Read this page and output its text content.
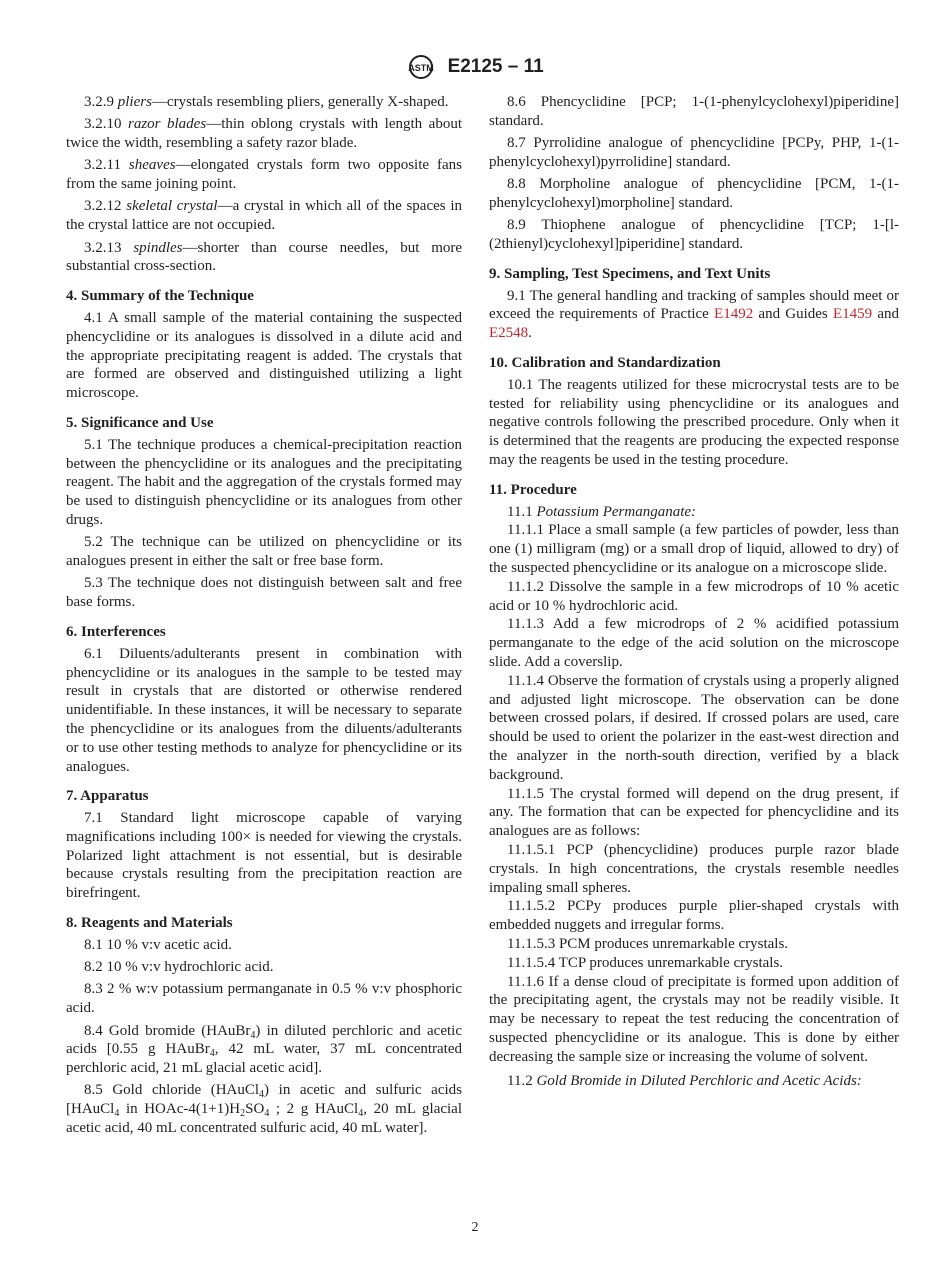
ASTM E2125 – 11

3.2.9 pliers—crystals resembling pliers, generally X-shaped.

3.2.10 razor blades—thin oblong crystals with length about twice the width, resembling a safety razor blade.

3.2.11 sheaves—elongated crystals form two opposite fans from the same joining point.

3.2.12 skeletal crystal—a crystal in which all of the spaces in the crystal lattice are not occupied.

3.2.13 spindles—shorter than course needles, but more substantial cross-section.

4. Summary of the Technique

4.1 A small sample of the material containing the suspected phencyclidine or its analogues is dissolved in a dilute acid and the appropriate precipitating reagent is added. The crystals that are formed are observed and distinguished utilizing a light microscope.

5. Significance and Use

5.1 The technique produces a chemical-precipitation reaction between the phencyclidine or its analogues and the precipitating reagent. The habit and the aggregation of the crystals formed may be used to distinguish phencyclidine or its analogues from other drugs.

5.2 The technique can be utilized on phencyclidine or its analogues present in either the salt or free base form.

5.3 The technique does not distinguish between salt and free base forms.

6. Interferences

6.1 Diluents/adulterants present in combination with phencyclidine or its analogues in the sample to be tested may result in crystals that are distorted or otherwise rendered unidentifiable. In these instances, it will be necessary to separate the phencyclidine or its analogues from the diluents/adulterants or to use other testing methods to analyze for phencyclidine or its analogues.

7. Apparatus

7.1 Standard light microscope capable of varying magnifications including 100× is needed for viewing the crystals. Polarized light attachment is not essential, but is desirable because crystals resulting from the precipitation reaction are birefringent.

8. Reagents and Materials

8.1 10 % v:v acetic acid.

8.2 10 % v:v hydrochloric acid.

8.3 2 % w:v potassium permanganate in 0.5 % v:v phosphoric acid.

8.4 Gold bromide (HAuBr$_4$) in diluted perchloric and acetic acids [0.55 g HAuBr$_4$, 42 mL water, 37 mL concentrated perchloric acid, 21 mL glacial acetic acid].

8.5 Gold chloride (HAuCl$_4$) in acetic and sulfuric acids [HAuCl$_4$ in HOAc-$4(1+1)H_2SO_4$ ; 2 g HAuCl$_4$, 20 mL glacial acetic acid, 40 mL concentrated sulfuric acid, 40 mL water].

8.6 Phencyclidine [PCP; 1-(1-phenylcyclohexyl)piperidine] standard.

8.7 Pyrrolidine analogue of phencyclidine [PCPy, PHP, 1-(1-phenylcyclohexyl)pyrrolidine] standard.

8.8 Morpholine analogue of phencyclidine [PCM, 1-(1-phenylcyclohexyl)morpholine] standard.

8.9 Thiophene analogue of phencyclidine [TCP; 1-[l-(2thienyl)cyclohexyl]piperidine] standard.

9. Sampling, Test Specimens, and Text Units

9.1 The general handling and tracking of samples should meet or exceed the requirements of Practice E1492 and Guides E1459 and E2548.

10. Calibration and Standardization

10.1 The reagents utilized for these microcrystal tests are to be tested for reliability using phencyclidine or its analogues and negative controls following the prescribed procedure. Only when it is determined that the reagents are producing the expected response may the reagents be used in the testing procedure.

11. Procedure

11.1 Potassium Permanganate:

11.1.1 Place a small sample (a few particles of powder, less than one (1) milligram (mg) or a small drop of liquid, allowed to dry) of the suspected phencyclidine or its analogue on a microscope slide.

11.1.2 Dissolve the sample in a few microdrops of 10 % acetic acid or 10 % hydrochloric acid.

11.1.3 Add a few microdrops of 2 % acidified potassium permanganate to the edge of the acid solution on the microscope slide. Add a coverslip.

11.1.4 Observe the formation of crystals using a properly aligned and adjusted light microscope. The observation can be done between crossed polars, if desired. If crossed polars are used, care should be used to orient the polarizer in the east-west direction and the analyzer in the north-south direction, verified by a black background.

11.1.5 The crystal formed will depend on the drug present, if any. The formation that can be expected for phencyclidine and its analogues are as follows:

11.1.5.1 PCP (phencyclidine) produces purple razor blade crystals. In high concentrations, the crystals resemble needles impaling small spheres.

11.1.5.2 PCPy produces purple plier-shaped crystals with embedded nuggets and irregular forms.

11.1.5.3 PCM produces unremarkable crystals.

11.1.5.4 TCP produces unremarkable crystals.

11.1.6 If a dense cloud of precipitate is formed upon addition of the precipitating agent, the crystals may not be readily visible. It may be necessary to repeat the test reducing the concentration of suspected phencyclidine or its analogue. This is done by either decreasing the sample size or increasing the volume of solvent.

11.2 Gold Bromide in Diluted Perchloric and Acetic Acids:

2
